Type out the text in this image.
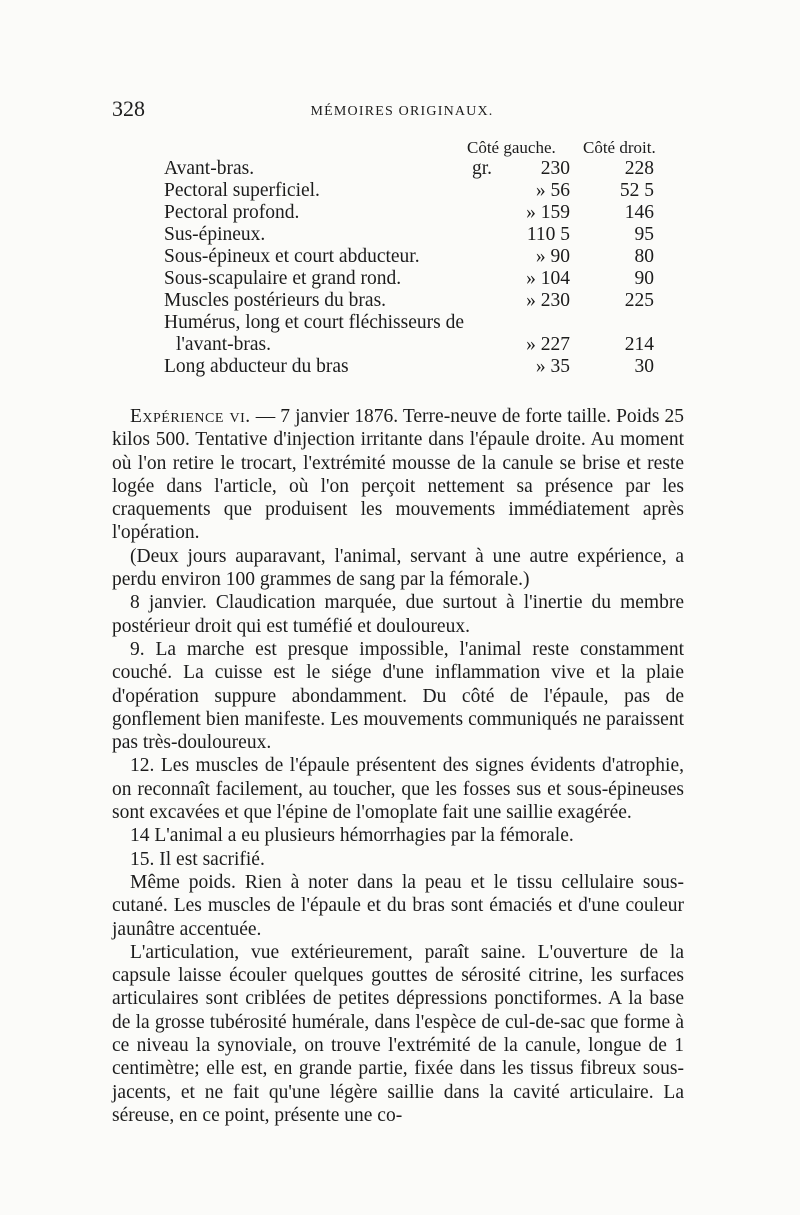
328	MÉMOIRES ORIGINAUX.
Côté gauche. Côté droit.
Avant-bras.	gr. 230	228
Pectoral superficiel.	» 56	52 5
Pectoral profond.	» 159	146
Sus-épineux.	110 5	95
Sous-épineux et court abducteur.	» 90	80
Sous-scapulaire et grand rond.	» 104	90
Muscles postérieurs du bras.	» 230	225
Humérus, long et court fléchisseurs de
l'avant-bras.	» 227	214
Long abducteur du bras	» 35	30

Expérience vi. — 7 janvier 1876. Terre-neuve de forte taille. Poids 25 kilos 500. Tentative d'injection irritante dans l'épaule droite. Au moment où l'on retire le trocart, l'extrémité mousse de la canule se brise et reste logée dans l'article, où l'on perçoit nettement sa présence par les craquements que produisent les mouvements immédiatement après l'opération.

(Deux jours auparavant, l'animal, servant à une autre expérience, a perdu environ 100 grammes de sang par la fémorale.)

8 janvier. Claudication marquée, due surtout à l'inertie du membre postérieur droit qui est tuméfié et douloureux.

9. La marche est presque impossible, l'animal reste constamment couché. La cuisse est le siége d'une inflammation vive et la plaie d'opération suppure abondamment. Du côté de l'épaule, pas de gonflement bien manifeste. Les mouvements communiqués ne paraissent pas très-douloureux.

12. Les muscles de l'épaule présentent des signes évidents d'atrophie, on reconnaît facilement, au toucher, que les fosses sus et sous-épineuses sont excavées et que l'épine de l'omoplate fait une saillie exagérée.

14 L'animal a eu plusieurs hémorrhagies par la fémorale.

15. Il est sacrifié.

Même poids. Rien à noter dans la peau et le tissu cellulaire sous-cutané. Les muscles de l'épaule et du bras sont émaciés et d'une couleur jaunâtre accentuée.

L'articulation, vue extérieurement, paraît saine. L'ouverture de la capsule laisse écouler quelques gouttes de sérosité citrine, les surfaces articulaires sont criblées de petites dépressions ponctiformes. A la base de la grosse tubérosité humérale, dans l'espèce de cul-de-sac que forme à ce niveau la synoviale, on trouve l'extrémité de la canule, longue de 1 centimètre; elle est, en grande partie, fixée dans les tissus fibreux sous-jacents, et ne fait qu'une légère saillie dans la cavité articulaire. La séreuse, en ce point, présente une co-
